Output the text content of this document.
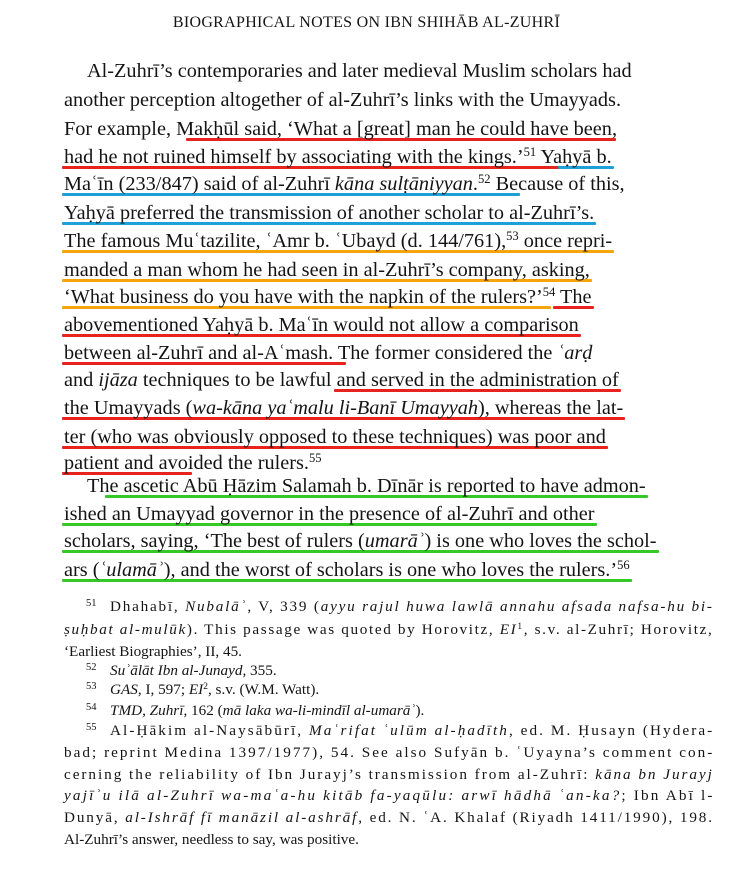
BIOGRAPHICAL NOTES ON IBN SHIHĀB AL-ZUHRĪ
Al-Zuhrī’s contemporaries and later medieval Muslim scholars had
another perception altogether of al-Zuhrī’s links with the Umayyads.
For example, Makḥūl said, ‘What a [great] man he could have been,
had he not ruined himself by associating with the kings.’$^{51}$ Yaḥyā b.
Maʿīn (233/847) said of al-Zuhrī kāna sulṭāniyyan.$^{52}$ Because of this,
Yaḥyā preferred the transmission of another scholar to al-Zuhrī’s.
The famous Muʿtazilite, ʿAmr b. ʿUbayd (d. 144/761),$^{53}$ once repri-
manded a man whom he had seen in al-Zuhrī’s company, asking,
‘What business do you have with the napkin of the rulers?’$^{54}$ The
abovementioned Yaḥyā b. Maʿīn would not allow a comparison
between al-Zuhrī and al-Aʿmash. The former considered the ʿarḍ
and ijāza techniques to be lawful and served in the administration of
the Umayyads (wa-kāna yaʿmalu li-Banī Umayyah), whereas the lat-
ter (who was obviously opposed to these techniques) was poor and
patient and avoided the rulers.$^{55}$
The ascetic Abū Ḥāzim Salamah b. Dīnār is reported to have admon-
ished an Umayyad governor in the presence of al-Zuhrī and other
scholars, saying, ‘The best of rulers (umarāʾ) is one who loves the schol-
ars (ʿulamāʾ), and the worst of scholars is one who loves the rulers.’$^{56}$
51 Dhahabī, Nubalāʾ, V, 339 (ayyu rajul huwa lawlā annahu afsada nafsa-hu bi-
ṣuḥbat al-mulūk). This passage was quoted by Horovitz, $EI^1$, s.v. al-Zuhrī; Horovitz,
‘Earliest Biographies’, II, 45.
52 Suʾālāt Ibn al-Junayd, 355.
53 GAS, I, 597; $EI^2$, s.v. (W.M. Watt).
54 TMD, Zuhrī, 162 (mā laka wa-li-mindīl al-umarāʾ).
55 Al-Ḥākim al-Naysābūrī, Maʿrifat ʿulūm al-ḥadīth, ed. M. Ḥusayn (Hydera-
bad; reprint Medina 1397/1977), 54. See also Sufyān b. ʿUyayna’s comment con-
cerning the reliability of Ibn Jurayj’s transmission from al-Zuhrī: kāna bn Jurayj
yajīʾu ilā al-Zuhrī wa-maʿa-hu kitāb fa-yaqūlu: arwī hādhā ʿan-ka?; Ibn Abī l-
Dunyā, al-Ishrāf fī manāzil al-ashrāf, ed. N. ʿA. Khalaf (Riyadh 1411/1990), 198.
Al-Zuhrī’s answer, needless to say, was positive.
